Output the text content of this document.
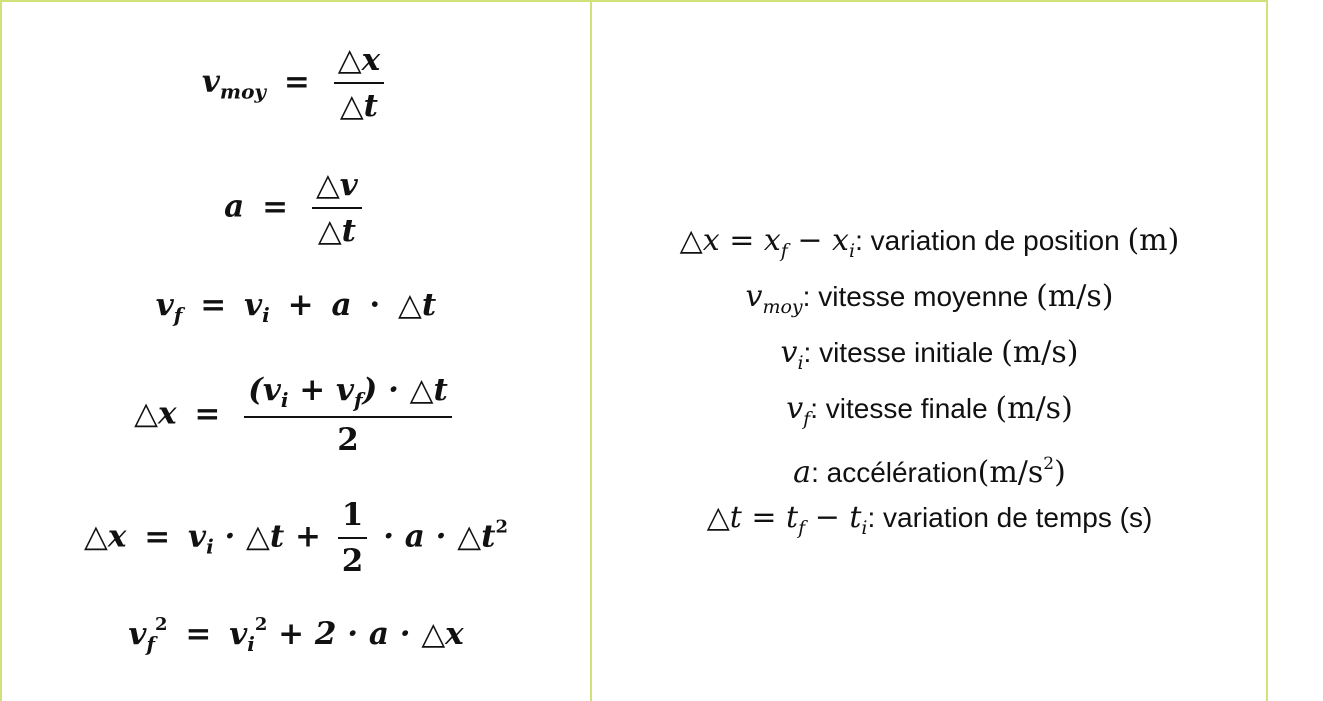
$v_{moy} = \frac{\triangle x}{\triangle t}$
$a = \frac{\triangle v}{\triangle t}$
$v_f = v_i + a$ · △t
△x = $\frac{(v_i + v_f) \cdot \triangle t}{2}$
△x = $v_i$ · △t + $\frac{1}{2} \cdot a$ · $\triangle t^2$
$v_f^2 = v_i^2 + 2 \cdot a$ · △x
△x = $x_f - x_i$: variation de position (m)
$v_{moy}$: vitesse moyenne (m/s)
$v_i$: vitesse initiale (m/s)
$v_f$: vitesse finale (m/s)
a: $accélération(m/s^2)$
△t = $t_f - t_i$: variation de temps (s)
